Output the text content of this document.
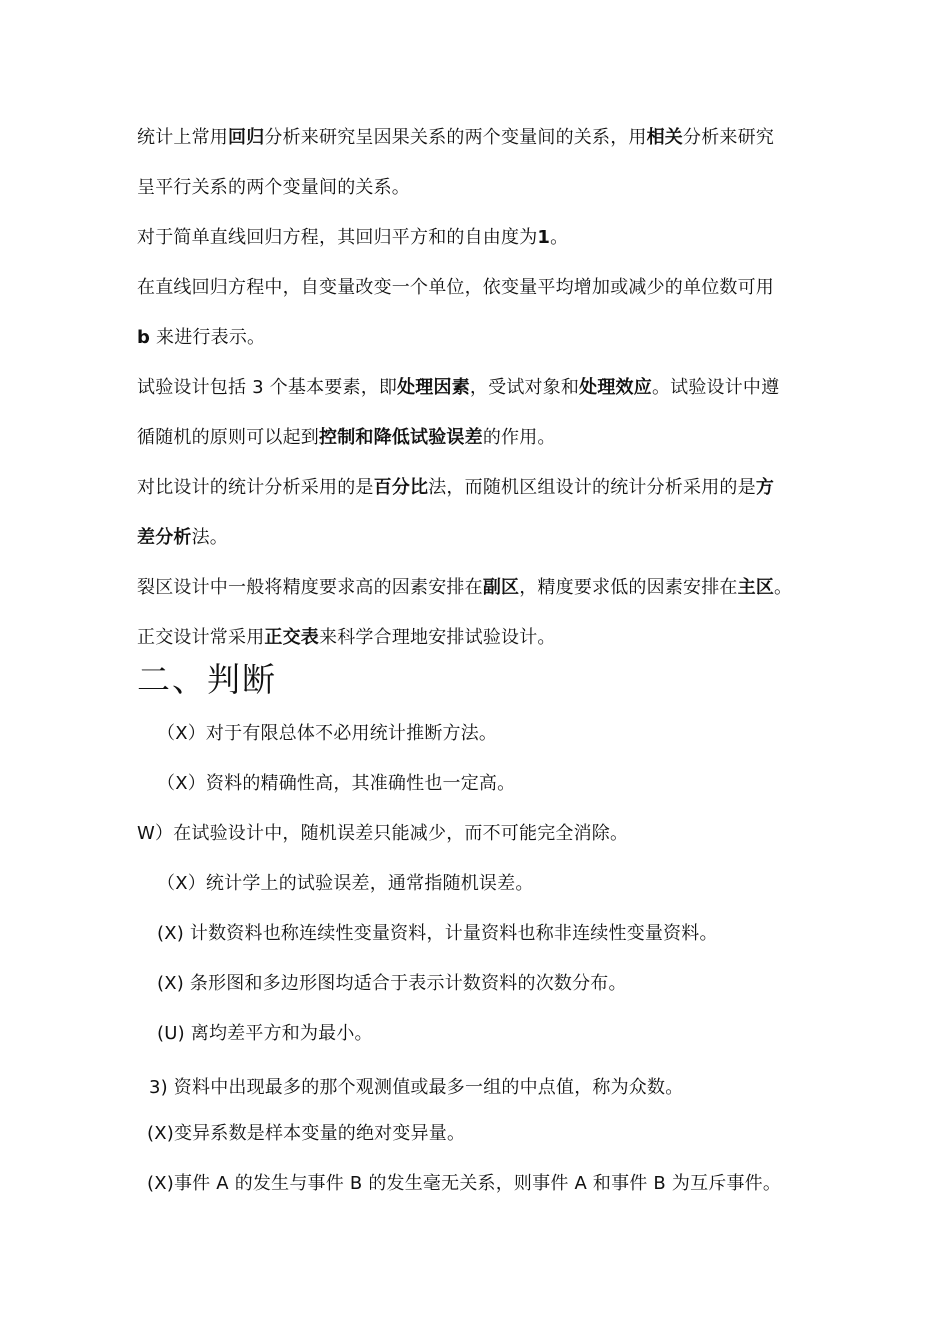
统计上常用回归分析来研究呈因果关系的两个变量间的关系，用相关分析来研究
呈平行关系的两个变量间的关系。
对于简单直线回归方程，其回归平方和的自由度为1。
在直线回归方程中，自变量改变一个单位，依变量平均增加或减少的单位数可用
b 来进行表示。
试验设计包括 3 个基本要素，即处理因素，受试对象和处理效应。试验设计中遵
循随机的原则可以起到控制和降低试验误差的作用。
对比设计的统计分析采用的是百分比法，而随机区组设计的统计分析采用的是方
差分析法。
裂区设计中一般将精度要求高的因素安排在副区，精度要求低的因素安排在主区。
正交设计常采用正交表来科学合理地安排试验设计。
二、判断
（X）对于有限总体不必用统计推断方法。
（X）资料的精确性高，其准确性也一定高。
W）在试验设计中，随机误差只能减少，而不可能完全消除。
（X）统计学上的试验误差，通常指随机误差。
(X) 计数资料也称连续性变量资料，计量资料也称非连续性变量资料。
(X) 条形图和多边形图均适合于表示计数资料的次数分布。
(U) 离均差平方和为最小。
3) 资料中出现最多的那个观测值或最多一组的中点值，称为众数。
(X)变异系数是样本变量的绝对变异量。
(X)事件 A 的发生与事件 B 的发生毫无关系，则事件 A 和事件 B 为互斥事件。
